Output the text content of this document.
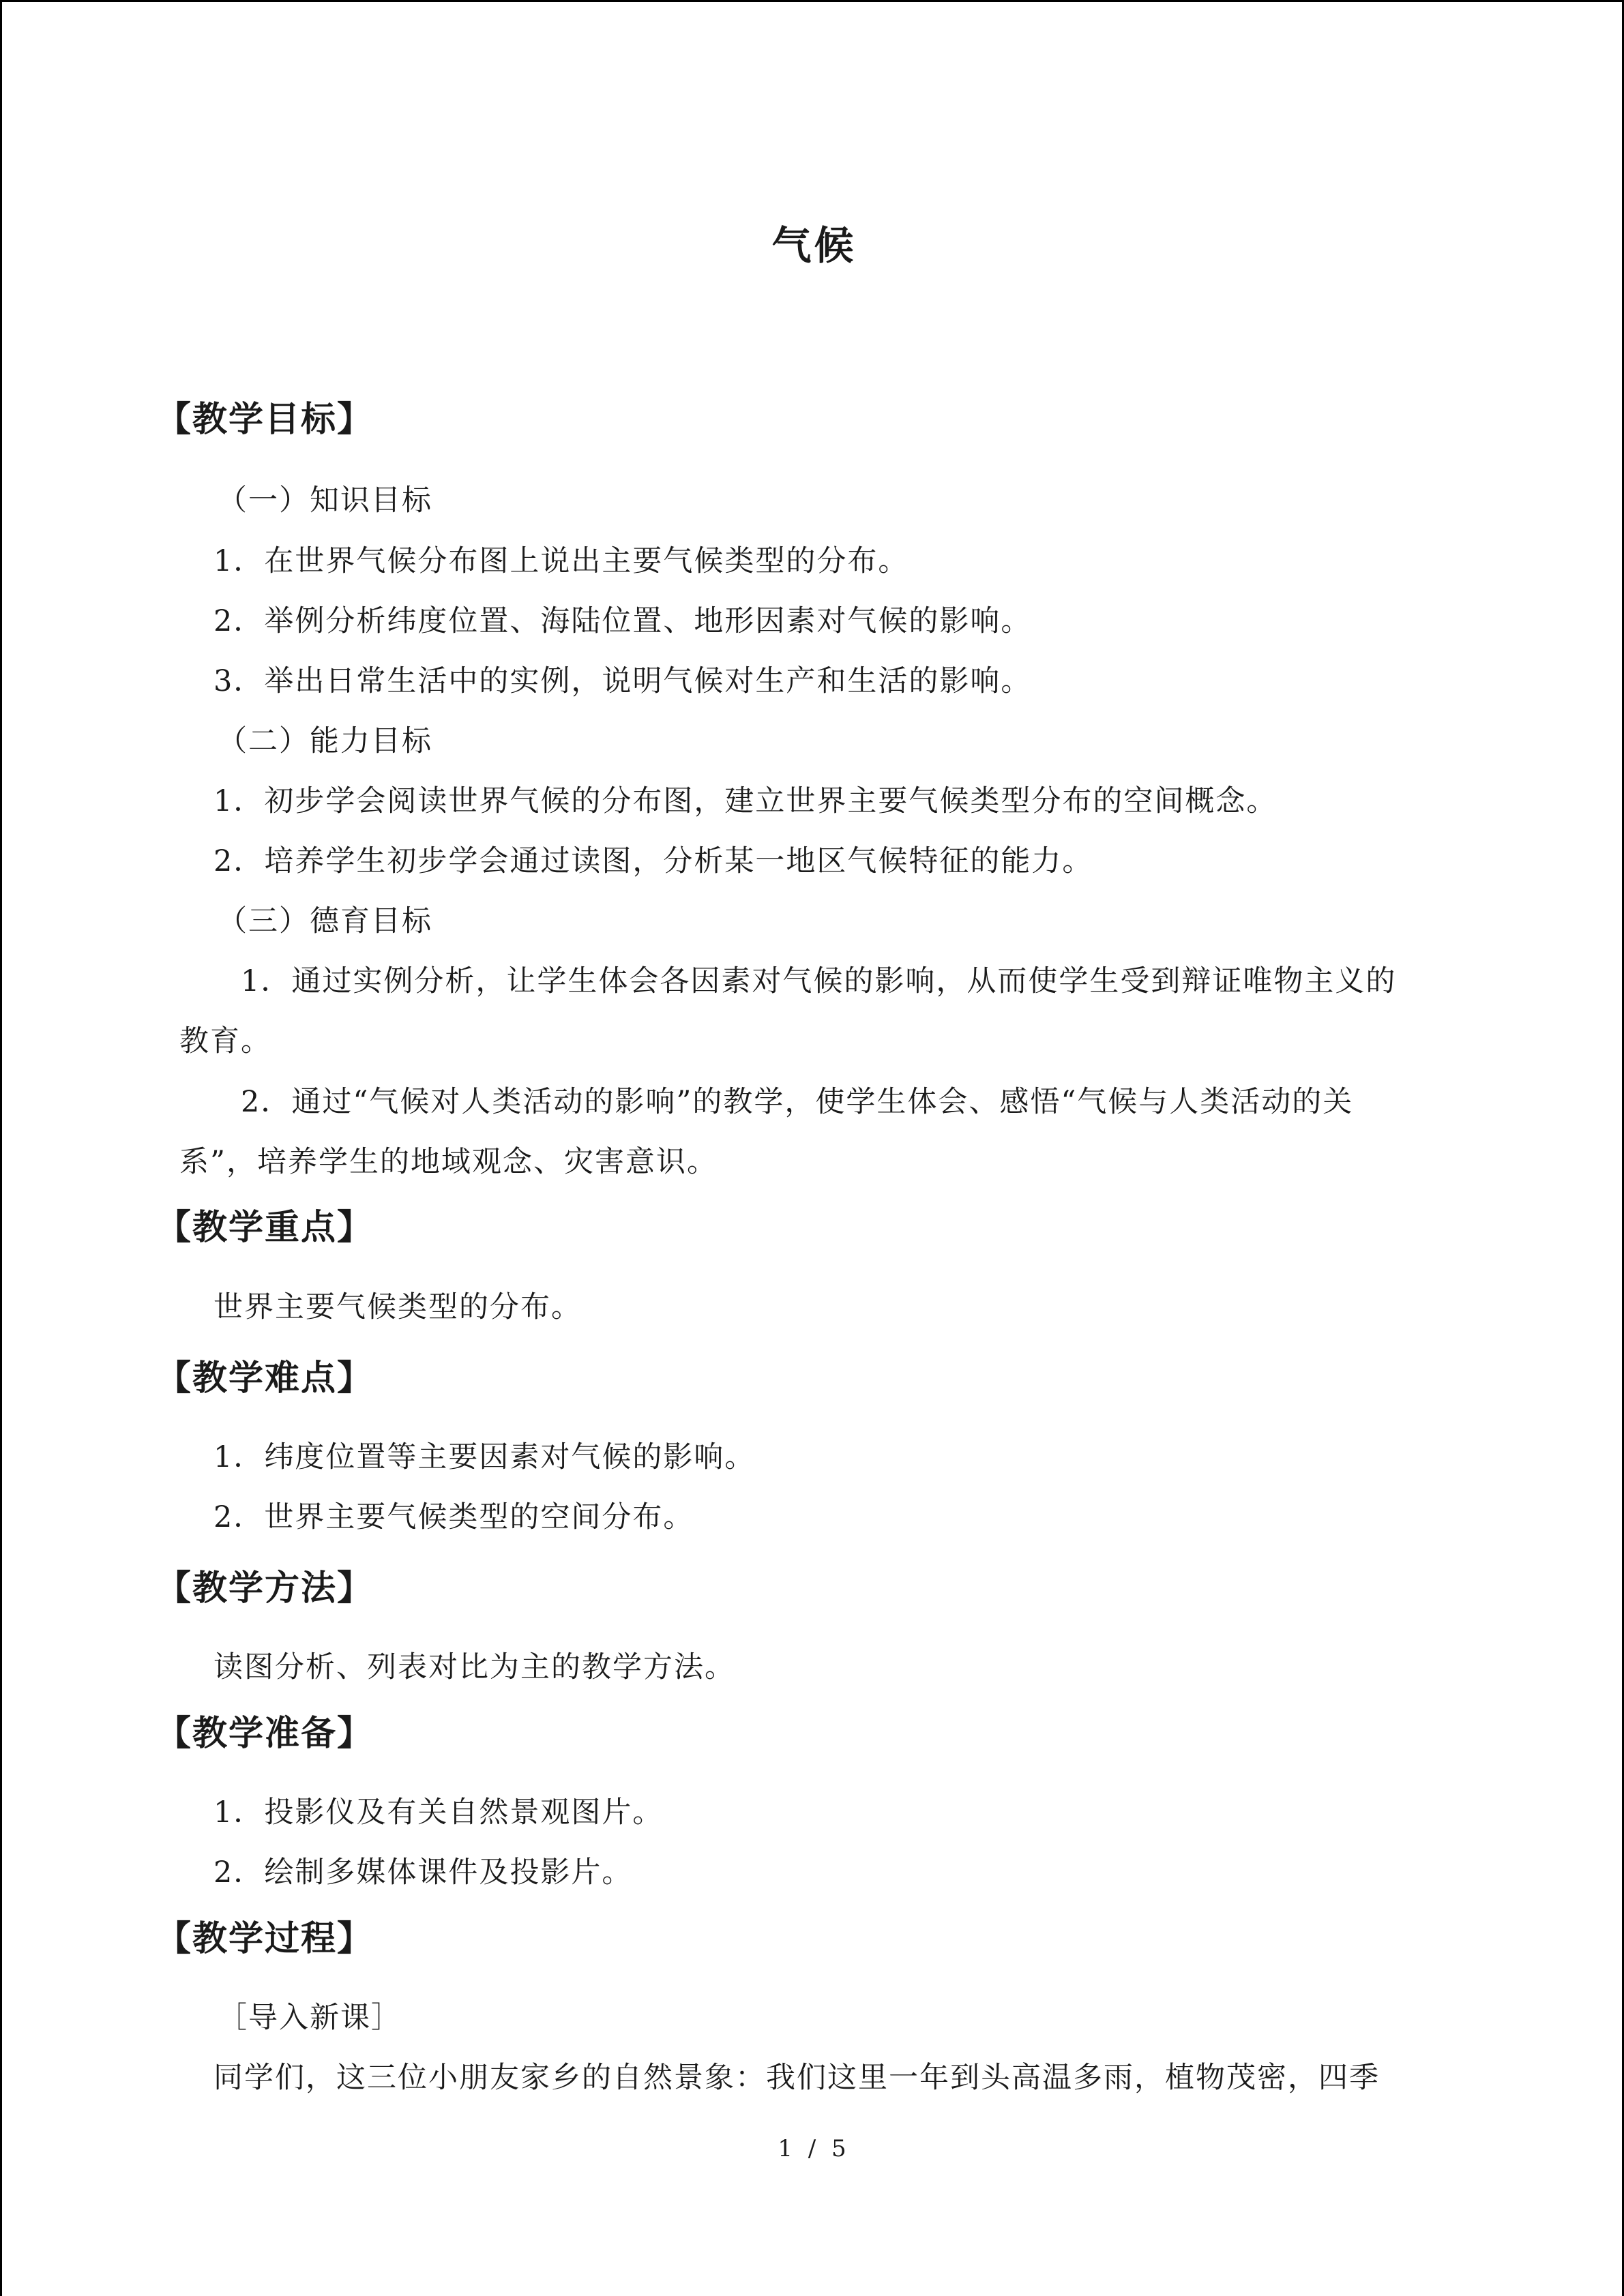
气候
【教学目标】
（一）知识目标
1．在世界气候分布图上说出主要气候类型的分布。
2．举例分析纬度位置、海陆位置、地形因素对气候的影响。
3．举出日常生活中的实例，说明气候对生产和生活的影响。
（二）能力目标
1．初步学会阅读世界气候的分布图，建立世界主要气候类型分布的空间概念。
2．培养学生初步学会通过读图，分析某一地区气候特征的能力。
（三）德育目标
1．通过实例分析，让学生体会各因素对气候的影响，从而使学生受到辩证唯物主义的
教育。
2．通过“气候对人类活动的影响”的教学，使学生体会、感悟“气候与人类活动的关
系”，培养学生的地域观念、灾害意识。
【教学重点】
世界主要气候类型的分布。
【教学难点】
1．纬度位置等主要因素对气候的影响。
2．世界主要气候类型的空间分布。
【教学方法】
读图分析、列表对比为主的教学方法。
【教学准备】
1．投影仪及有关自然景观图片。
2．绘制多媒体课件及投影片。
【教学过程】
［导入新课］
同学们，这三位小朋友家乡的自然景象：我们这里一年到头高温多雨，植物茂密，四季
1 / 5
